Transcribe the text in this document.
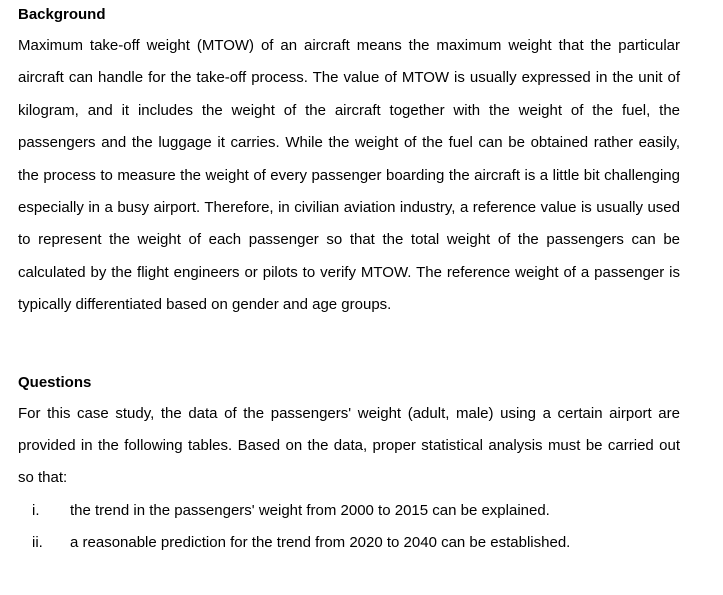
Background

Maximum take-off weight (MTOW) of an aircraft means the maximum weight that the particular aircraft can handle for the take-off process. The value of MTOW is usually expressed in the unit of kilogram, and it includes the weight of the aircraft together with the weight of the fuel, the passengers and the luggage it carries. While the weight of the fuel can be obtained rather easily, the process to measure the weight of every passenger boarding the aircraft is a little bit challenging especially in a busy airport. Therefore, in civilian aviation industry, a reference value is usually used to represent the weight of each passenger so that the total weight of the passengers can be calculated by the flight engineers or pilots to verify MTOW. The reference weight of a passenger is typically differentiated based on gender and age groups.

Questions

For this case study, the data of the passengers' weight (adult, male) using a certain airport are provided in the following tables. Based on the data, proper statistical analysis must be carried out so that:

i. the trend in the passengers' weight from 2000 to 2015 can be explained.
ii. a reasonable prediction for the trend from 2020 to 2040 can be established.
